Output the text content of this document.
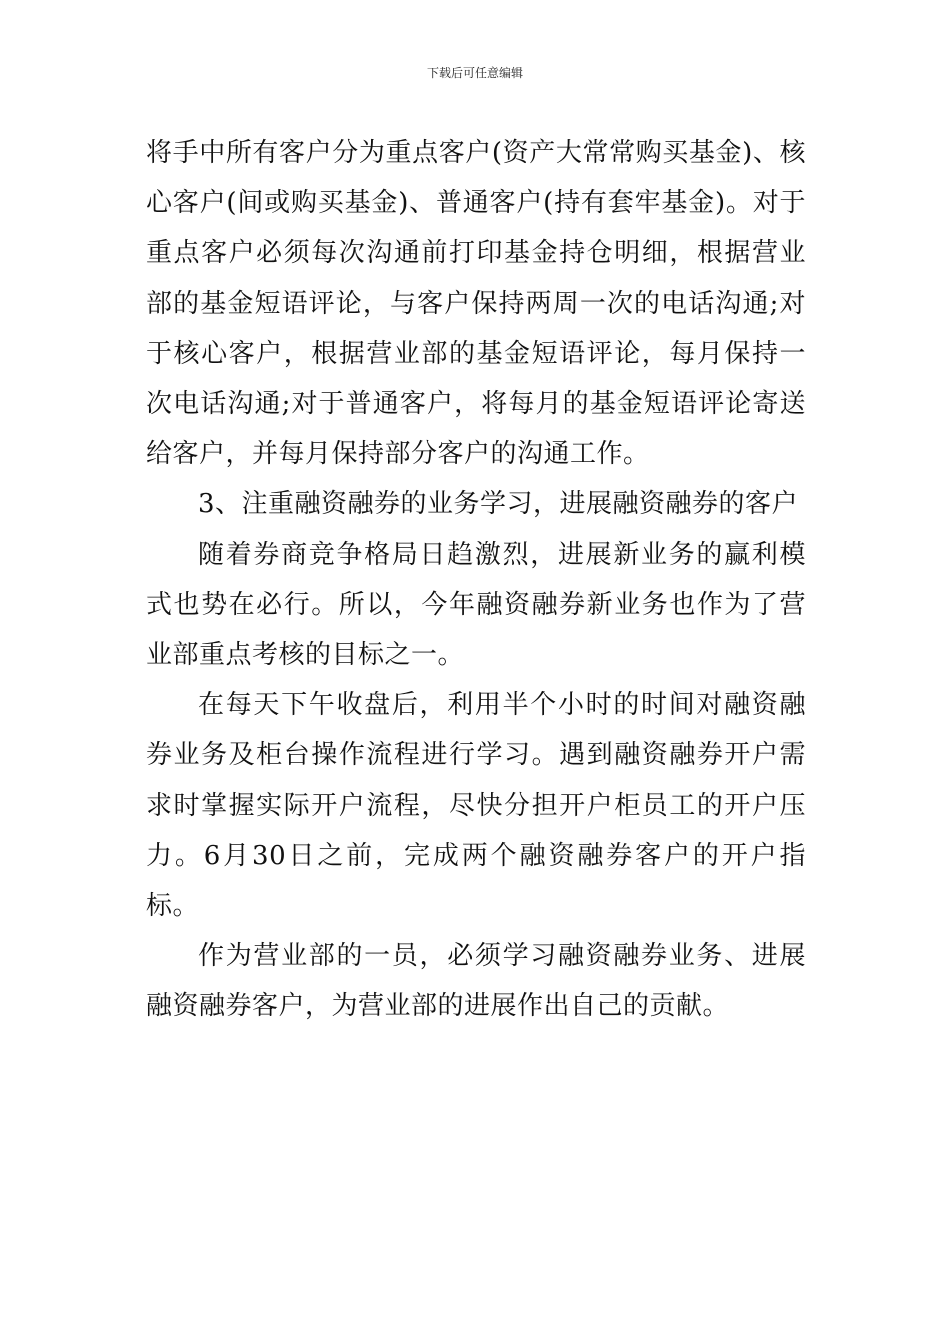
下载后可任意编辑

将手中所有客户分为重点客户(资产大常常购买基金)、核心客户(间或购买基金)、普通客户(持有套牢基金)。对于重点客户必须每次沟通前打印基金持仓明细，根据营业部的基金短语评论，与客户保持两周一次的电话沟通;对于核心客户，根据营业部的基金短语评论，每月保持一次电话沟通;对于普通客户，将每月的基金短语评论寄送给客户，并每月保持部分客户的沟通工作。

3、注重融资融券的业务学习，进展融资融券的客户

随着券商竞争格局日趋激烈，进展新业务的赢利模式也势在必行。所以，今年融资融券新业务也作为了营业部重点考核的目标之一。

在每天下午收盘后，利用半个小时的时间对融资融券业务及柜台操作流程进行学习。遇到融资融券开户需求时掌握实际开户流程，尽快分担开户柜员工的开户压力。6月30日之前，完成两个融资融券客户的开户指标。

作为营业部的一员，必须学习融资融券业务、进展融资融券客户，为营业部的进展作出自己的贡献。
